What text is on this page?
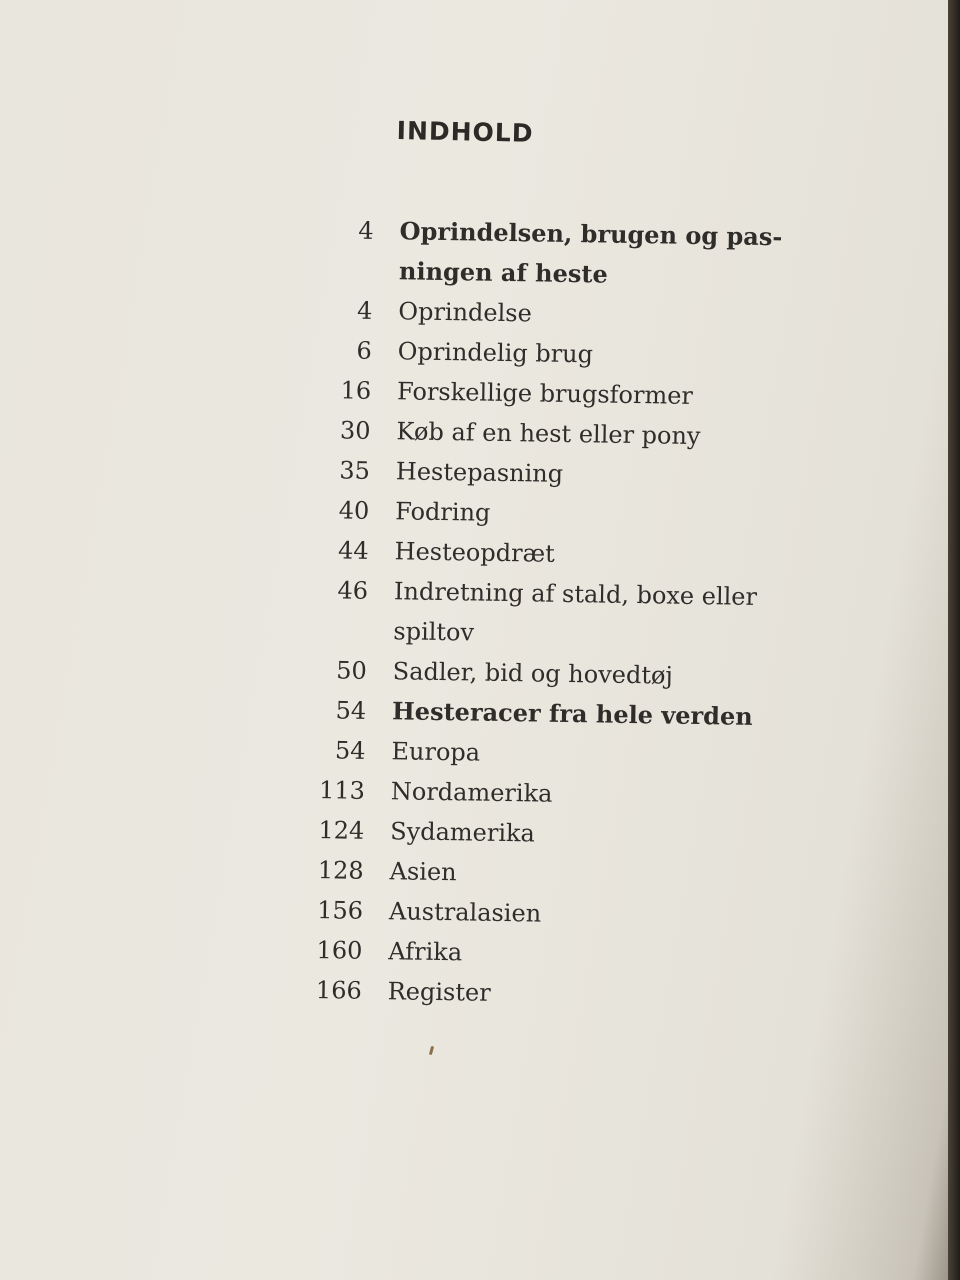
INDHOLD
4 Oprindelsen, brugen og pas-
ningen af heste
4 Oprindelse
6 Oprindelig brug
16 Forskellige brugsformer
30 Køb af en hest eller pony
35 Hestepasning
40 Fodring
44 Hesteopdræt
46 Indretning af stald, boxe eller
spiltov
50 Sadler, bid og hovedtøj
54 Hesteracer fra hele verden
54 Europa
113 Nordamerika
124 Sydamerika
128 Asien
156 Australasien
160 Afrika
166 Register
